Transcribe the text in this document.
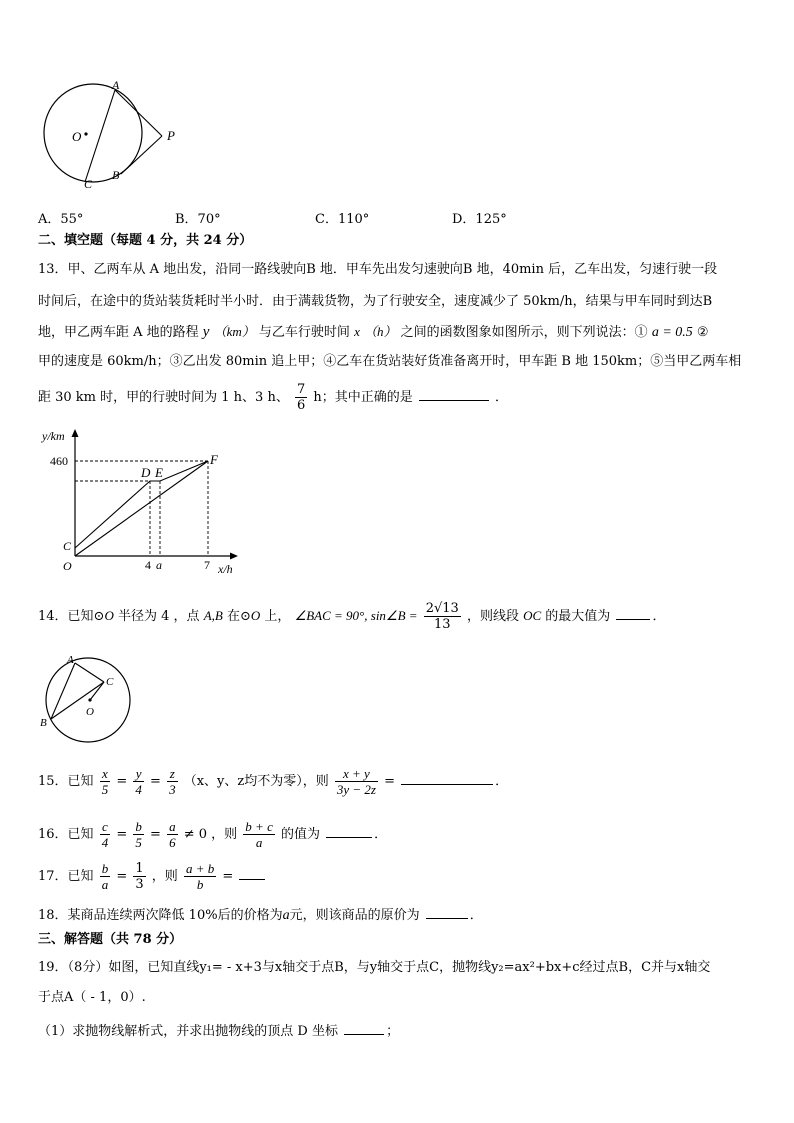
A
O	P
C
B
A．55°	B．70°	C．110°	D．125°
二、填空题（每题 4 分，共 24 分）
13．甲、乙两车从 A 地出发，沿同一路线驶向B 地．甲车先出发匀速驶向B 地，40min 后，乙车出发，匀速行驶一段
时间后，在途中的货站装货耗时半小时．由于满载货物，为了行驶安全，速度减少了 50km/h，结果与甲车同时到达B
地，甲乙两车距 A 地的路程 y （km） 与乙车行驶时间 x （h） 之间的函数图象如图所示，则下列说法：① a = 0.5 ②
甲的速度是 60km/h；③乙出发 80min 追上甲；④乙车在货站装好货准备离开时，甲车距 B 地 150km；⑤当甲乙两车相
距 30 km 时，甲的行驶时间为 1 h、3 h、 $\frac{7}{6}$ h；其中正确的是	．
y/km
460
C
O
D E
F
4 a	7 x/h
14．已知⊙O 半径为 4 ，点 A,B 在⊙O 上， ∠BAC = 90°, sin∠B = $\frac{2√13}{13}$ ，则线段 OC 的最大值为	．
A
B
C
O
15．已知 $\frac{x}{5} = \frac{y}{4} = \frac{z}{3} (x$、y、z均不为零），则 $\frac{x + y}{3y - 2z}$ =	．
16．已知 $\frac{c}{4} = \frac{b}{5} = \frac{a}{6} \ne 0$ ，则 $\frac{b + c}{a}$ 的值为	．
17．已知 $\frac{b}{a} = \frac{1}{3}$ ，则 $\frac{a + b}{b}$ =
18．某商品连续两次降低 10%后的价格为a元，则该商品的原价为	．
三、解答题（共 78 分）
19．（8分）如图，已知直线y₁= - x+3与x轴交于点B，与y轴交于点C，抛物线y₂=ax²+bx+c经过点B，C并与x轴交
于点A（ - 1，0）.
（1）求抛物线解析式，并求出抛物线的顶点 D 坐标	；
